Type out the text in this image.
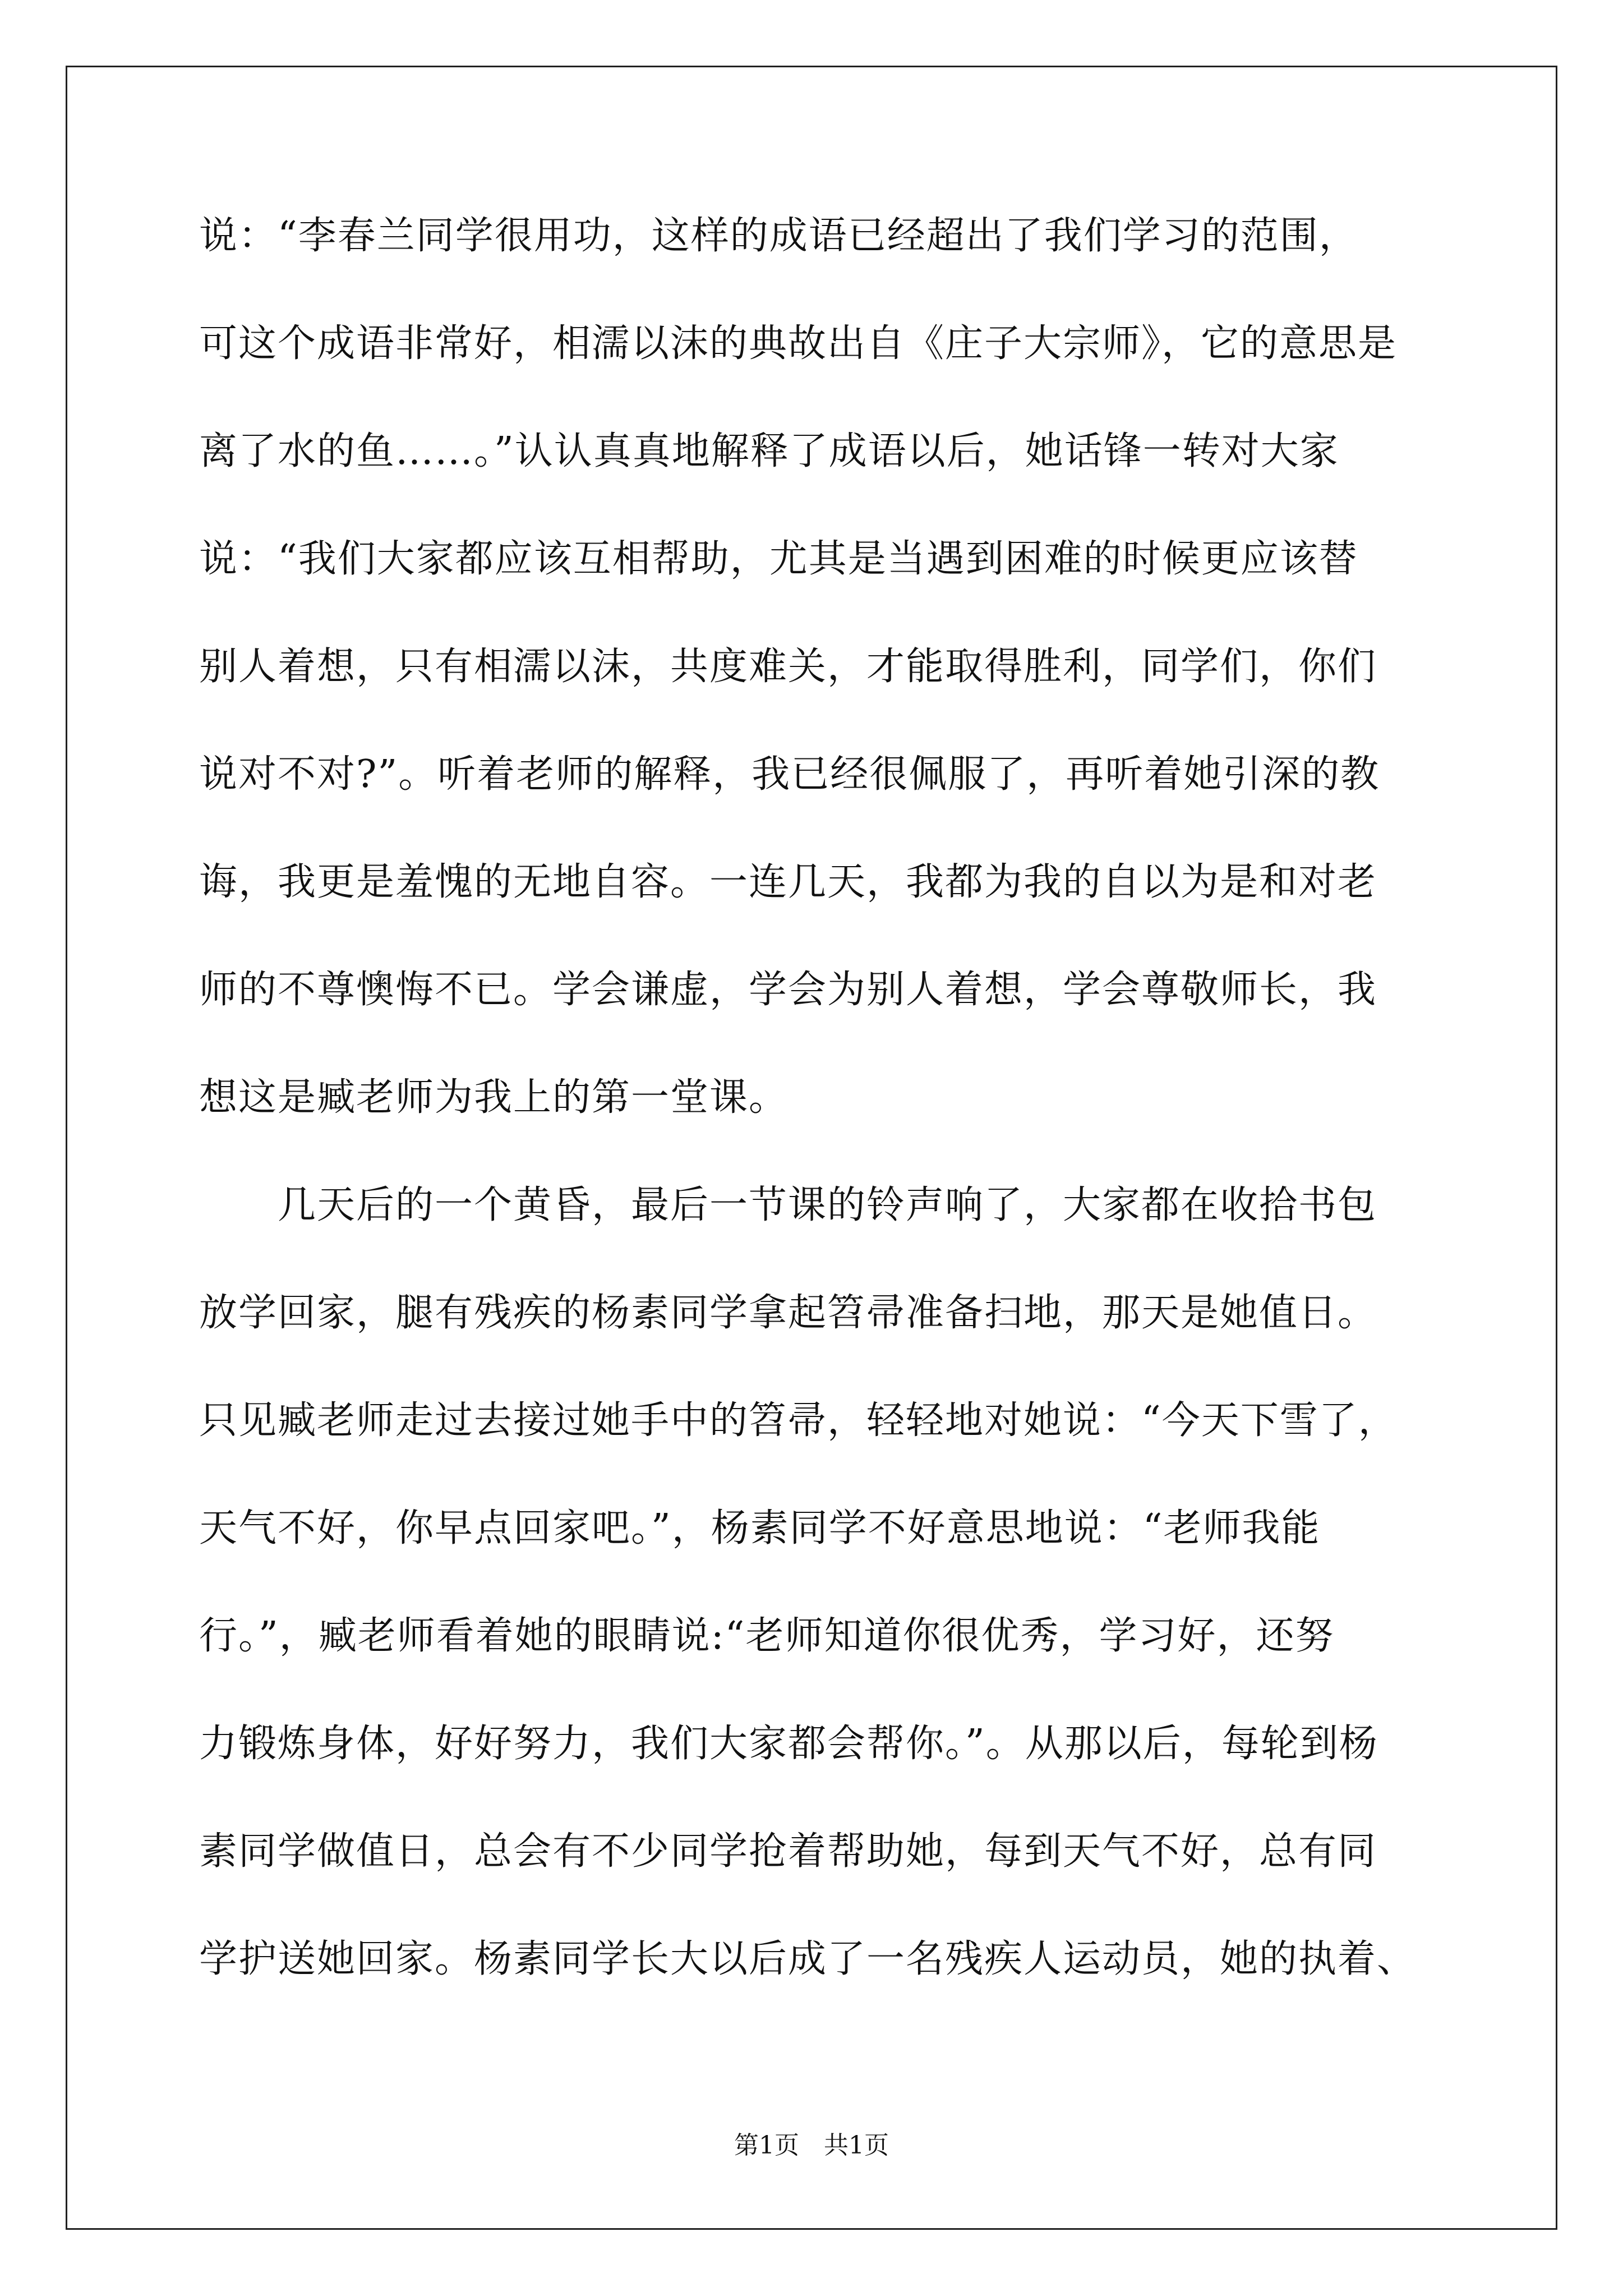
说：“李春兰同学很用功，这样的成语已经超出了我们学习的范围，
可这个成语非常好，相濡以沫的典故出自《庄子大宗师》，它的意思是
离了水的鱼……。”认认真真地解释了成语以后，她话锋一转对大家
说：“我们大家都应该互相帮助，尤其是当遇到困难的时候更应该替
别人着想，只有相濡以沫，共度难关，才能取得胜利，同学们，你们
说对不对?”。听着老师的解释，我已经很佩服了，再听着她引深的教
诲，我更是羞愧的无地自容。一连几天，我都为我的自以为是和对老
师的不尊懊悔不已。学会谦虚，学会为别人着想，学会尊敬师长，我
想这是臧老师为我上的第一堂课。
　　几天后的一个黄昏，最后一节课的铃声响了，大家都在收拾书包
放学回家，腿有残疾的杨素同学拿起笤帚准备扫地，那天是她值日。
只见臧老师走过去接过她手中的笤帚，轻轻地对她说：“今天下雪了，
天气不好，你早点回家吧。”，杨素同学不好意思地说：“老师我能
行。”，臧老师看着她的眼睛说:“老师知道你很优秀，学习好，还努
力锻炼身体，好好努力，我们大家都会帮你。”。从那以后，每轮到杨
素同学做值日，总会有不少同学抢着帮助她，每到天气不好，总有同
学护送她回家。杨素同学长大以后成了一名残疾人运动员，她的执着、
第1页　共1页
